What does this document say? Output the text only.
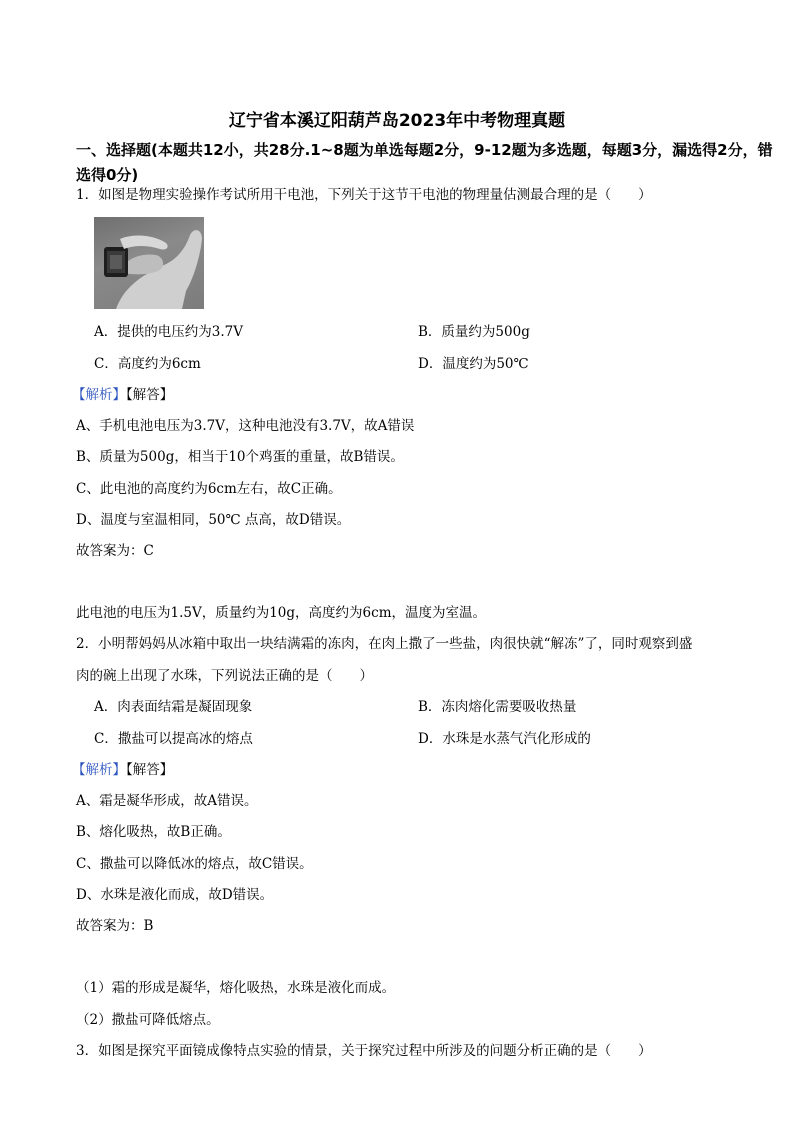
辽宁省本溪辽阳葫芦岛2023年中考物理真题
一、选择题(本题共12小，共28分.1~8题为单选每题2分，9-12题为多选题，每题3分，漏选得2分，错选得0分)
1．如图是物理实验操作考试所用干电池，下列关于这节干电池的物理量估测最合理的是（　　）
A．提供的电压约为3.7V	B．质量约为500g
C．高度约为6cm	D．温度约为50℃
【解析】【解答】
A、手机电池电压为3.7V，这种电池没有3.7V，故A错误
B、质量为500g，相当于10个鸡蛋的重量，故B错误。
C、此电池的高度约为6cm左右，故C正确。
D、温度与室温相同，50℃ 点高，故D错误。
故答案为：C
此电池的电压为1.5V，质量约为10g，高度约为6cm，温度为室温。
2．小明帮妈妈从冰箱中取出一块结满霜的冻肉，在肉上撒了一些盐，肉很快就“解冻”了，同时观察到盛
肉的碗上出现了水珠，下列说法正确的是（　　）
A．肉表面结霜是凝固现象	B．冻肉熔化需要吸收热量
C．撒盐可以提高冰的熔点	D．水珠是水蒸气汽化形成的
【解析】【解答】
A、霜是凝华形成，故A错误。
B、熔化吸热，故B正确。
C、撒盐可以降低冰的熔点，故C错误。
D、水珠是液化而成，故D错误。
故答案为：B
（1）霜的形成是凝华，熔化吸热，水珠是液化而成。
（2）撒盐可降低熔点。
3．如图是探究平面镜成像特点实验的情景，关于探究过程中所涉及的问题分析正确的是（　　）
